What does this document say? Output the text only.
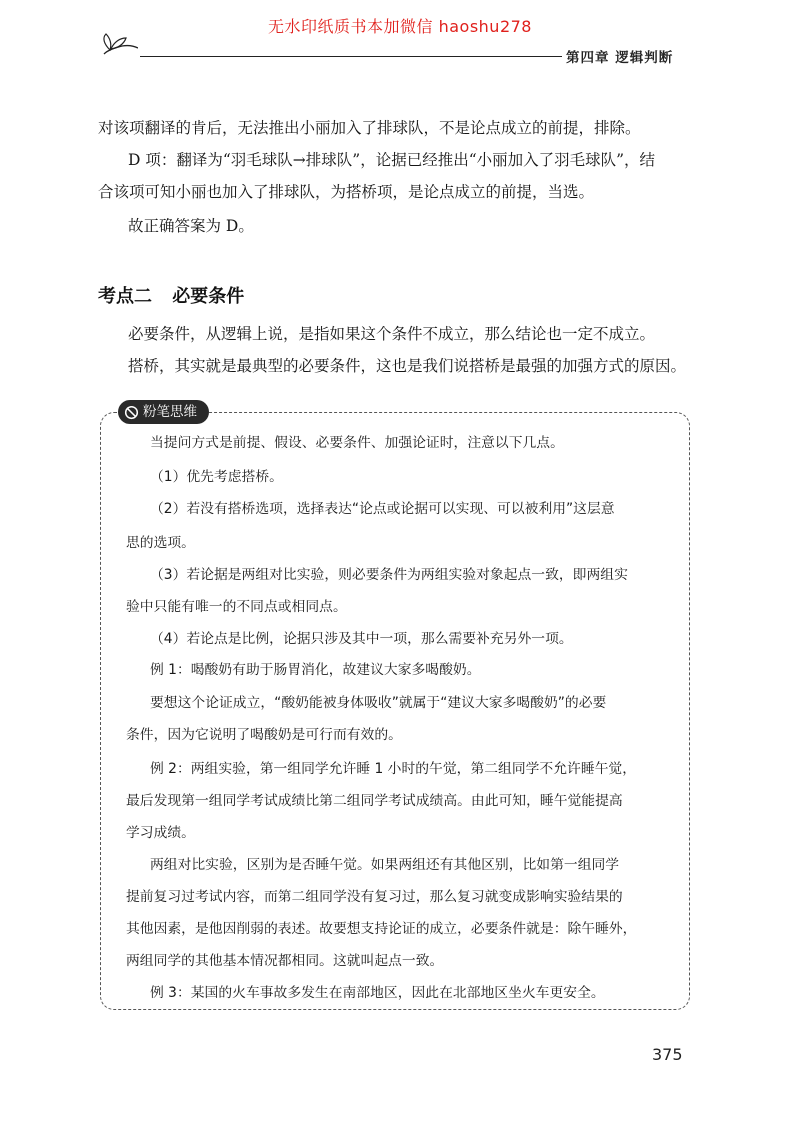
无水印纸质书本加微信 haoshu278
第四章 逻辑判断
对该项翻译的肯后，无法推出小丽加入了排球队，不是论点成立的前提，排除。
D 项：翻译为“羽毛球队→排球队”，论据已经推出“小丽加入了羽毛球队”，结
合该项可知小丽也加入了排球队，为搭桥项，是论点成立的前提，当选。
故正确答案为 D。
考点二 必要条件
必要条件，从逻辑上说，是指如果这个条件不成立，那么结论也一定不成立。
搭桥，其实就是最典型的必要条件，这也是我们说搭桥是最强的加强方式的原因。
粉笔思维
当提问方式是前提、假设、必要条件、加强论证时，注意以下几点。
（1）优先考虑搭桥。
（2）若没有搭桥选项，选择表达“论点或论据可以实现、可以被利用”这层意
思的选项。
（3）若论据是两组对比实验，则必要条件为两组实验对象起点一致，即两组实
验中只能有唯一的不同点或相同点。
（4）若论点是比例，论据只涉及其中一项，那么需要补充另外一项。
例 1：喝酸奶有助于肠胃消化，故建议大家多喝酸奶。
要想这个论证成立，“酸奶能被身体吸收”就属于“建议大家多喝酸奶”的必要
条件，因为它说明了喝酸奶是可行而有效的。
例 2：两组实验，第一组同学允许睡 1 小时的午觉，第二组同学不允许睡午觉，
最后发现第一组同学考试成绩比第二组同学考试成绩高。由此可知，睡午觉能提高
学习成绩。
两组对比实验，区别为是否睡午觉。如果两组还有其他区别，比如第一组同学
提前复习过考试内容，而第二组同学没有复习过，那么复习就变成影响实验结果的
其他因素，是他因削弱的表述。故要想支持论证的成立，必要条件就是：除午睡外，
两组同学的其他基本情况都相同。这就叫起点一致。
例 3：某国的火车事故多发生在南部地区，因此在北部地区坐火车更安全。
375
